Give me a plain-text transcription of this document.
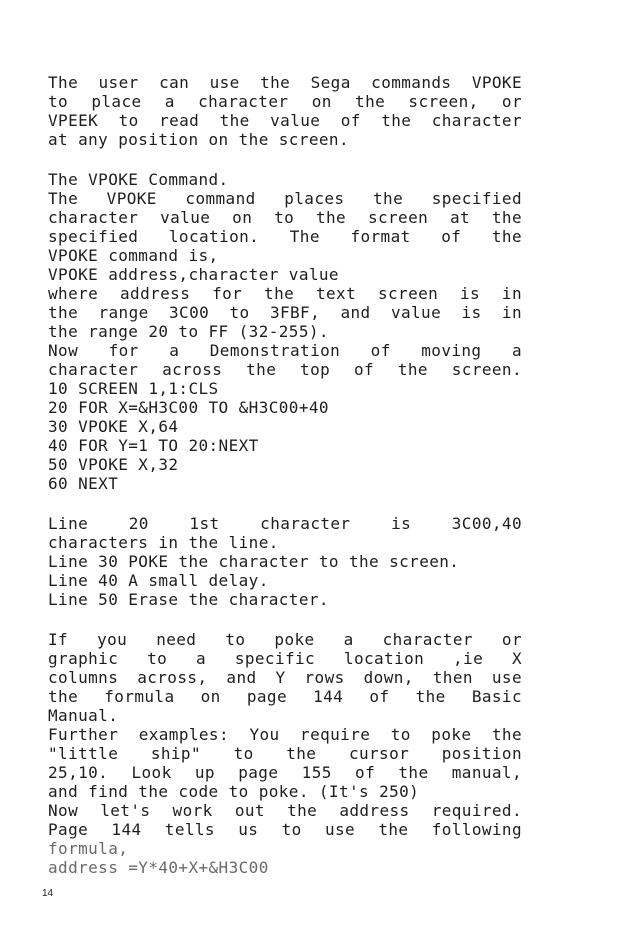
The user can use the Sega commands VPOKE
to place a character on the screen, or
VPEEK to read the value of the character
at any position on the screen.
The VPOKE Command.
The VPOKE command places the specified
character value on to the screen at the
specified location. The format of the
VPOKE command is,
VPOKE address,character value
where address for the text screen is in
the range 3C00 to 3FBF, and value is in
the range 20 to FF (32-255).
Now for a Demonstration of moving a
character across the top of the screen.
10 SCREEN 1,1:CLS
20 FOR X=&H3C00 TO &H3C00+40
30 VPOKE X,64
40 FOR Y=1 TO 20:NEXT
50 VPOKE X,32
60 NEXT
Line 20 1st character is 3C00,40
characters in the line.
Line 30 POKE the character to the screen.
Line 40 A small delay.
Line 50 Erase the character.
If you need to poke a character or
graphic to a specific location ,ie X
columns across, and Y rows down, then use
the formula on page 144 of the Basic
Manual.
Further examples: You require to poke the
"little ship" to the cursor position
25,10. Look up page 155 of the manual,
and find the code to poke. (It's 250)
Now let's work out the address required.
Page 144 tells us to use the following
formula,
address =Y*40+X+&H3C00
14
